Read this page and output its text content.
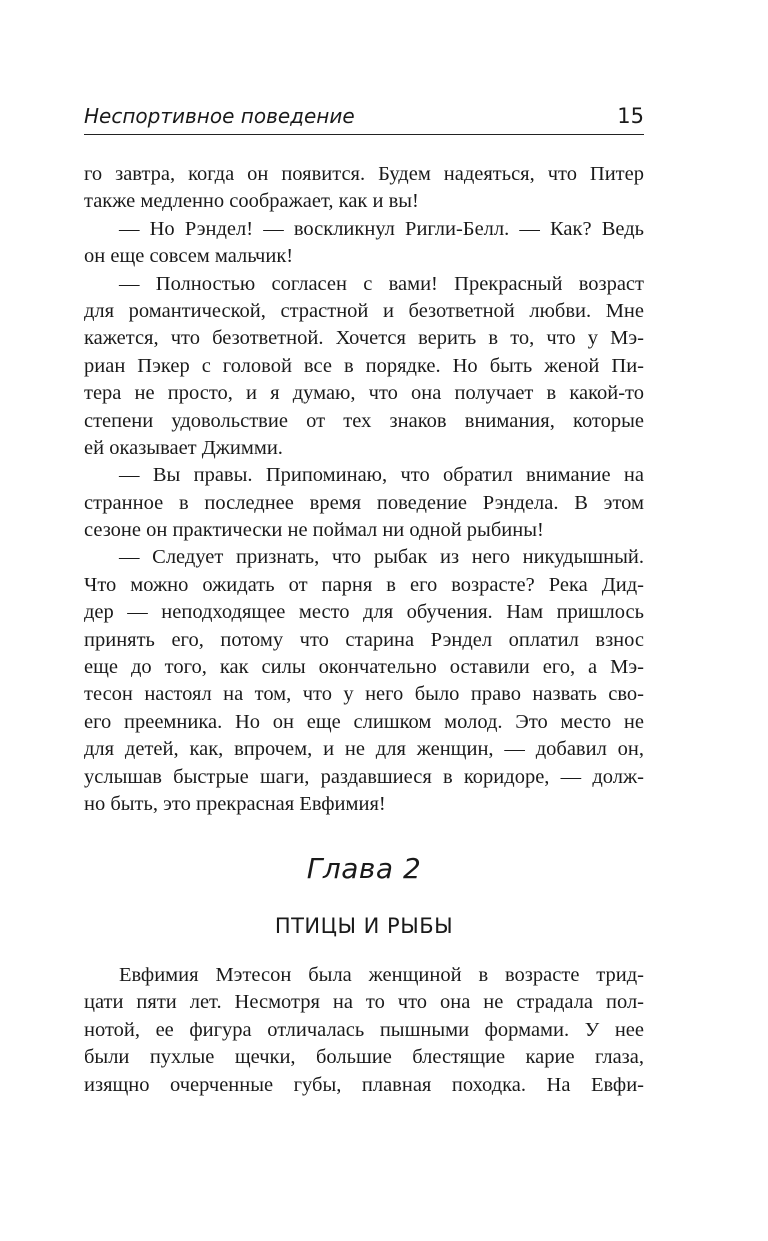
Неспортивное поведение	15
го завтра, когда он появится. Будем надеяться, что Питер
также медленно соображает, как и вы!
— Но Рэндел! — воскликнул Ригли-Белл. — Как? Ведь
он еще совсем мальчик!
— Полностью согласен с вами! Прекрасный возраст
для романтической, страстной и безответной любви. Мне
кажется, что безответной. Хочется верить в то, что у Мэ-
риан Пэкер с головой все в порядке. Но быть женой Пи-
тера не просто, и я думаю, что она получает в какой-то
степени удовольствие от тех знаков внимания, которые
ей оказывает Джимми.
— Вы правы. Припоминаю, что обратил внимание на
странное в последнее время поведение Рэндела. В этом
сезоне он практически не поймал ни одной рыбины!
— Следует признать, что рыбак из него никудышный.
Что можно ожидать от парня в его возрасте? Река Дид-
дер — неподходящее место для обучения. Нам пришлось
принять его, потому что старина Рэндел оплатил взнос
еще до того, как силы окончательно оставили его, а Мэ-
тесон настоял на том, что у него было право назвать сво-
его преемника. Но он еще слишком молод. Это место не
для детей, как, впрочем, и не для женщин, — добавил он,
услышав быстрые шаги, раздавшиеся в коридоре, — долж-
но быть, это прекрасная Евфимия!
Глава 2
ПТИЦЫ И РЫБЫ
Евфимия Мэтесон была женщиной в возрасте трид-
цати пяти лет. Несмотря на то что она не страдала пол-
нотой, ее фигура отличалась пышными формами. У нее
были пухлые щечки, большие блестящие карие глаза,
изящно очерченные губы, плавная походка. На Евфи-
